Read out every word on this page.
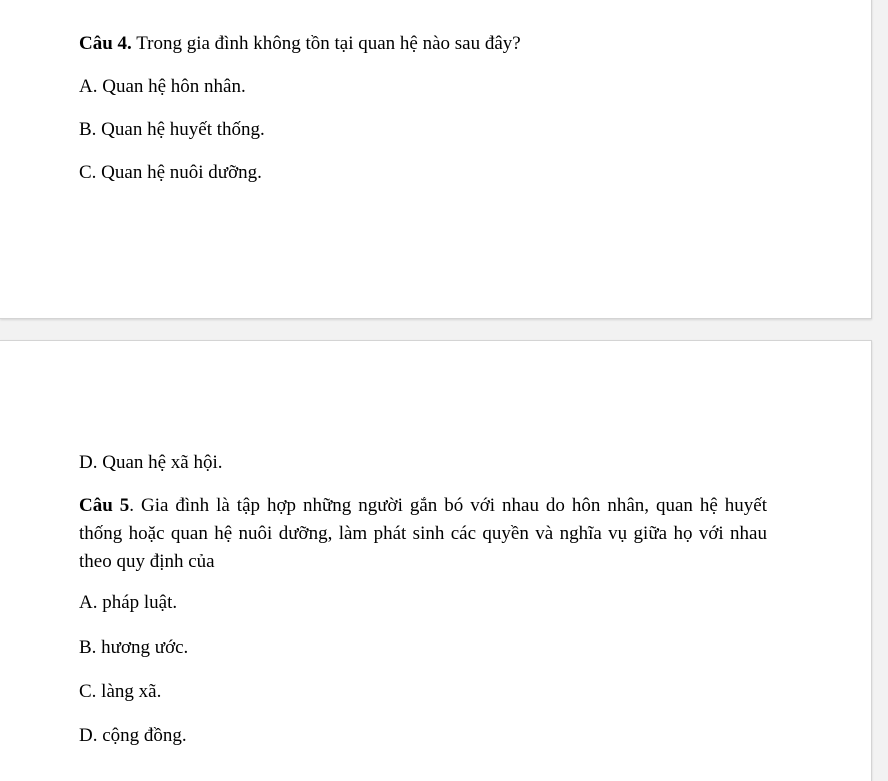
Câu 4. Trong gia đình không tồn tại quan hệ nào sau đây?
A. Quan hệ hôn nhân.
B. Quan hệ huyết thống.
C. Quan hệ nuôi dưỡng.
D. Quan hệ xã hội.
Câu 5. Gia đình là tập hợp những người gắn bó với nhau do hôn nhân, quan hệ huyết thống hoặc quan hệ nuôi dưỡng, làm phát sinh các quyền và nghĩa vụ giữa họ với nhau theo quy định của
A. pháp luật.
B. hương ước.
C. làng xã.
D. cộng đồng.
